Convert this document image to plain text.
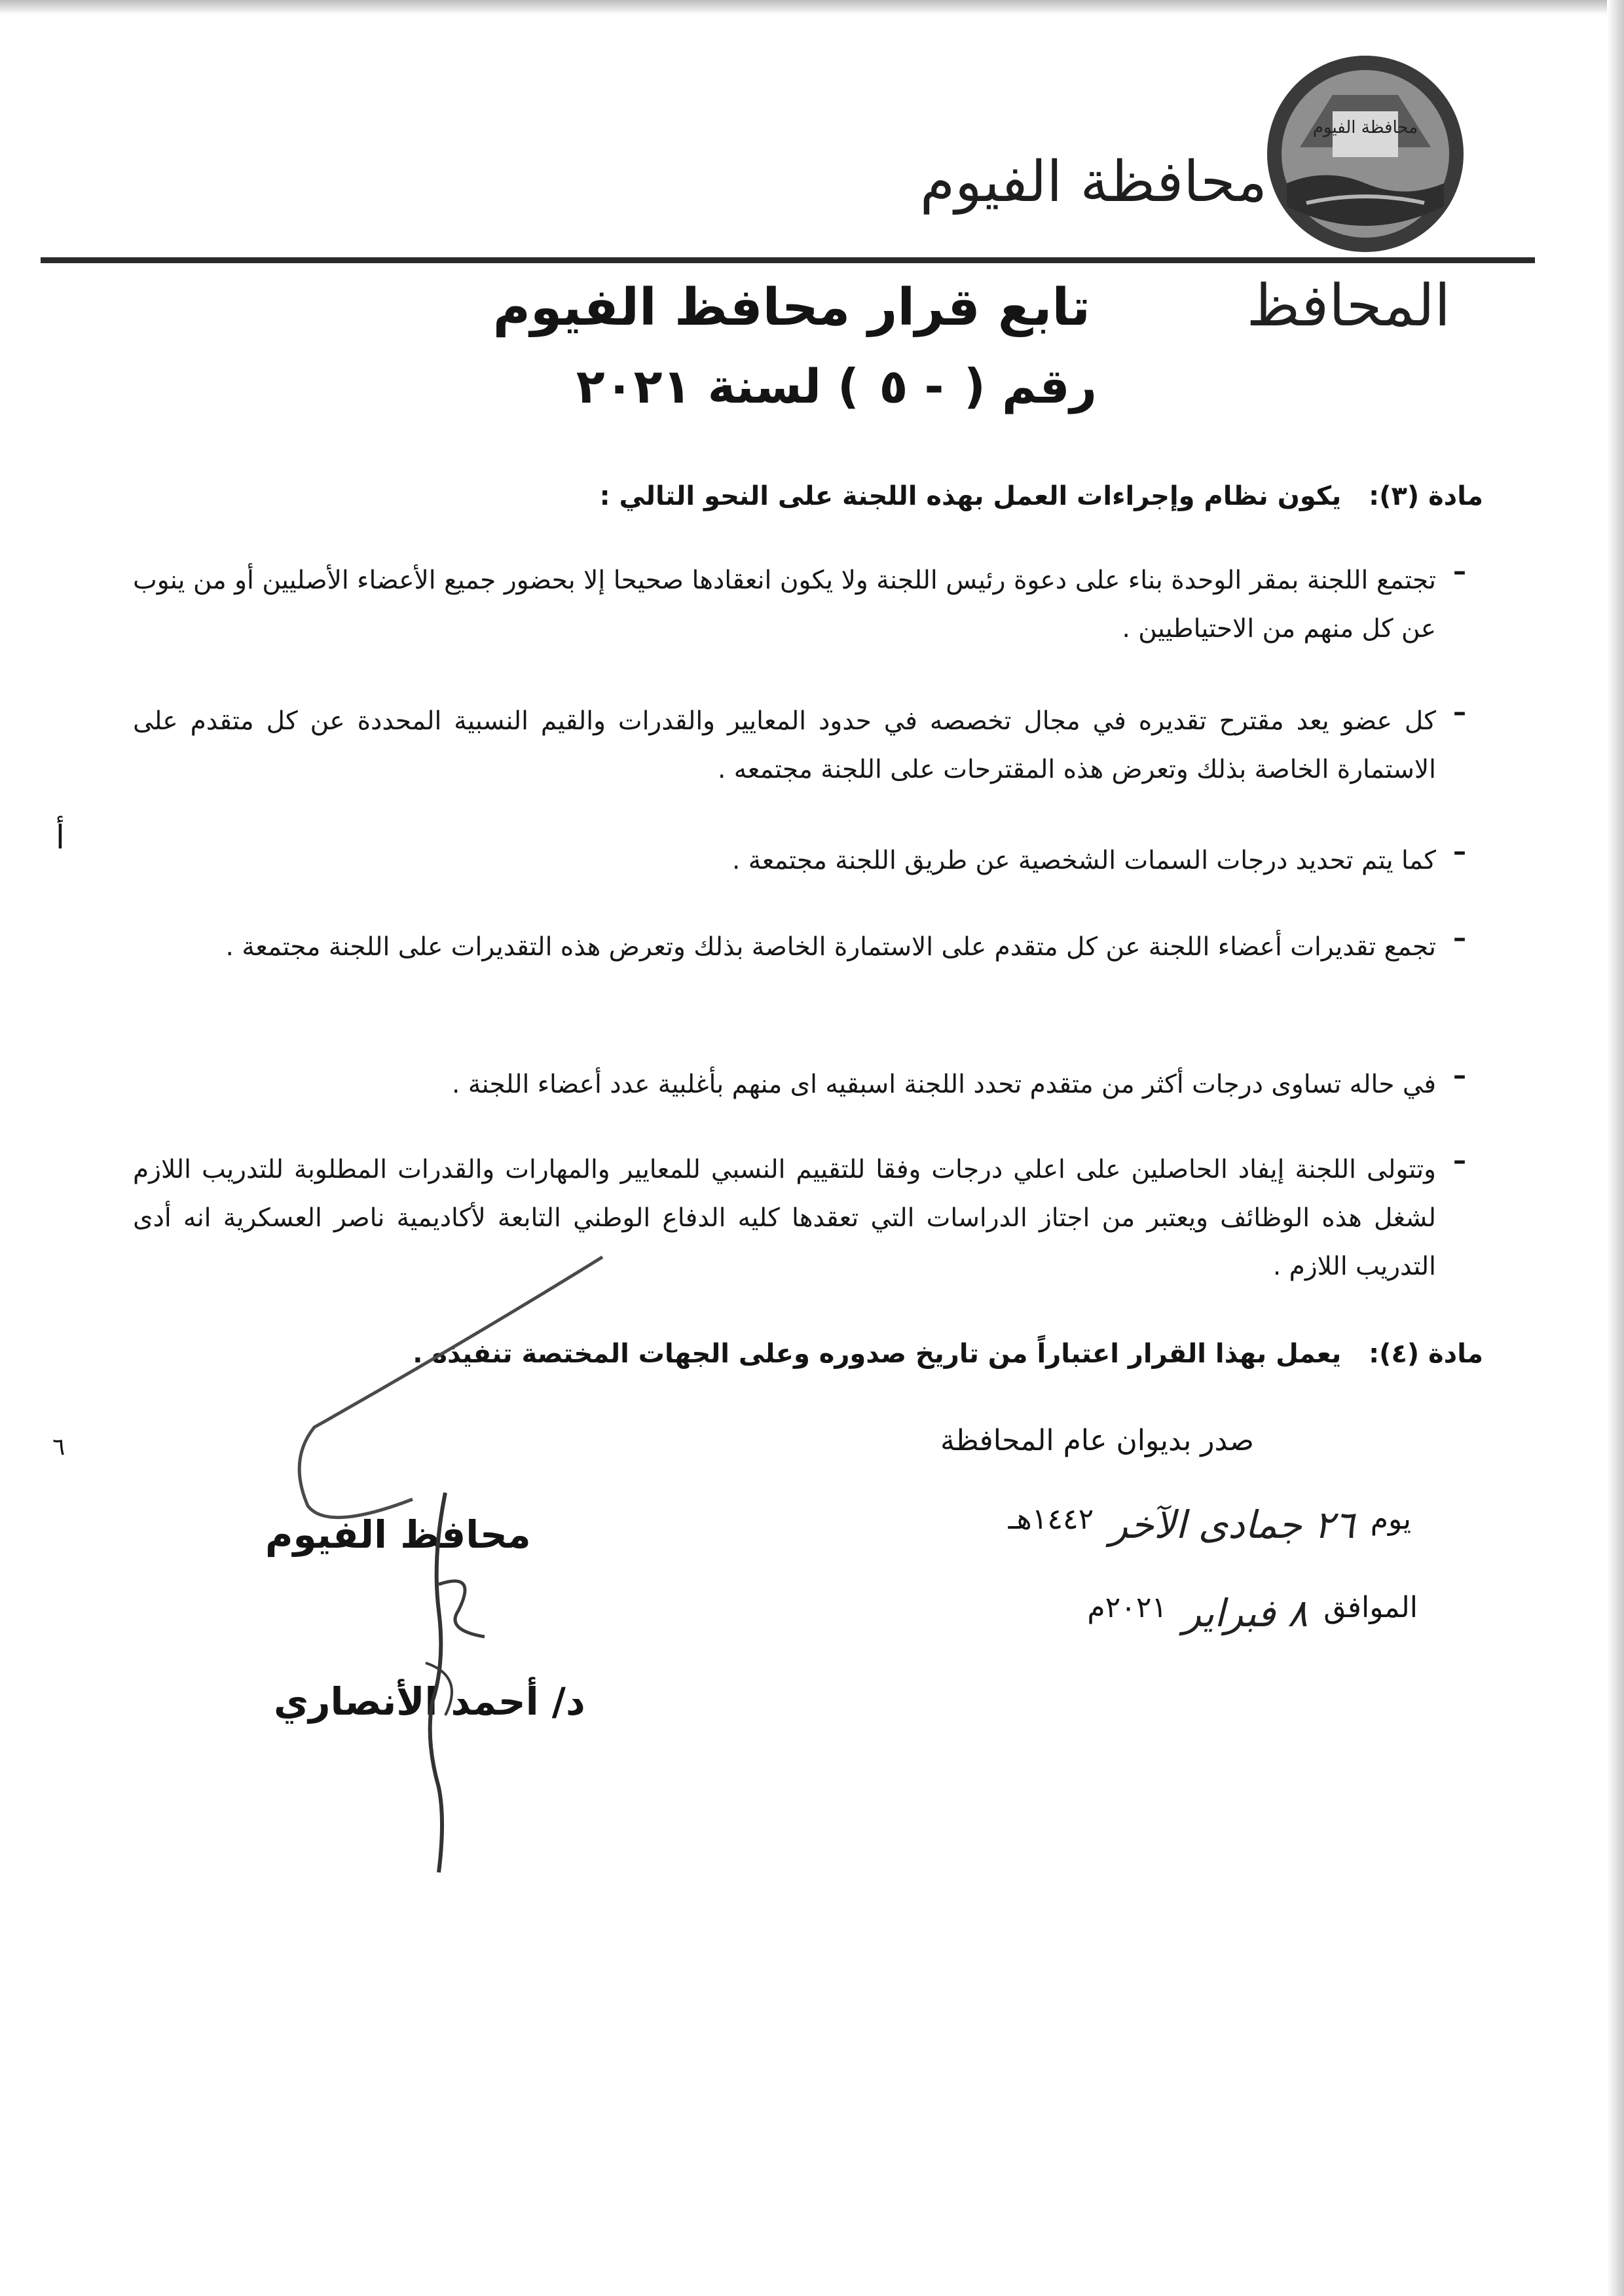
محافظة الفيوم
محافظة الفيوم
المحافظ
تابع قرار محافظ الفيوم
رقم (
- ٥
) لسنة ٢٠٢١
مادة (٣): يكون نظام وإجراءات العمل بهذه اللجنة على النحو التالي :
–
تجتمع اللجنة بمقر الوحدة بناء على دعوة رئيس اللجنة ولا يكون انعقادها صحيحا إلا بحضور جميع الأعضاء الأصليين أو من ينوب عن كل منهم من الاحتياطيين .
–
كل عضو يعد مقترح تقديره في مجال تخصصه في حدود المعايير والقدرات والقيم النسبية المحددة عن كل متقدم على الاستمارة الخاصة بذلك وتعرض هذه المقترحات على اللجنة مجتمعه .
–
كما يتم تحديد درجات السمات الشخصية عن طريق اللجنة مجتمعة .
–
تجمع تقديرات أعضاء اللجنة عن كل متقدم على الاستمارة الخاصة بذلك وتعرض هذه التقديرات على اللجنة مجتمعة .
–
في حاله تساوى درجات أكثر من متقدم تحدد اللجنة اسبقيه اى منهم بأغلبية عدد أعضاء اللجنة .
–
وتتولى اللجنة إيفاد الحاصلين على اعلي درجات وفقا للتقييم النسبي للمعايير والمهارات والقدرات المطلوبة للتدريب اللازم لشغل هذه الوظائف ويعتبر من اجتاز الدراسات التي تعقدها كليه الدفاع الوطني التابعة لأكاديمية ناصر العسكرية انه أدى التدريب اللازم .
مادة (٤): يعمل بهذا القرار اعتباراً من تاريخ صدوره وعلى الجهات المختصة تنفيذه .
صدر بديوان عام المحافظة
يوم
٢٦ جمادى الآخر
١٤٤٢هـ
الموافق
٨ فبراير
٢٠٢١م
محافظ الفيوم
د/ أحمد الأنصاري
أ
٦
